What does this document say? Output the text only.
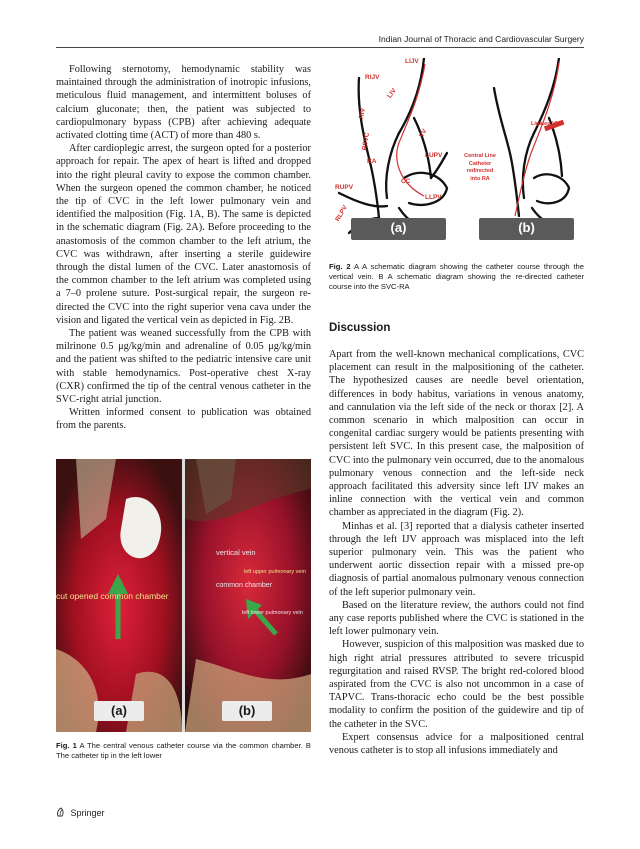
Indian Journal of Thoracic and Cardiovascular Surgery

Following sternotomy, hemodynamic stability was maintained through the administration of inotropic infusions, meticulous fluid management, and intermittent boluses of calcium gluconate; then, the patient was subjected to cardiopulmonary bypass (CPB) after achieving adequate activated clotting time (ACT) of more than 480 s.

After cardioplegic arrest, the surgeon opted for a posterior approach for repair. The apex of heart is lifted and dropped into the right pleural cavity to expose the common chamber. When the surgeon opened the common chamber, he noticed the tip of CVC in the left lower pulmonary vein and identified the malposition (Fig. 1A, B). The same is depicted in the schematic diagram (Fig. 2A). Before proceeding to the anastomosis of the common chamber to the left atrium, the CVC was withdrawn, after inserting a sterile guidewire through the distal lumen of the CVC. Later anastomosis of the common chamber to the left atrium was completed using a 7–0 prolene suture. Post-surgical repair, the surgeon re-directed the CVC into the right superior vena cava under the vision and ligated the vertical vein as depicted in Fig. 2B.

The patient was weaned successfully from the CPB with milrinone 0.5 μg/kg/min and adrenaline of 0.05 μg/kg/min and the patient was shifted to the pediatric intensive care unit with stable hemodynamics. Post-operative chest X-ray (CXR) confirmed the tip of the central venous catheter in the SVC-right atrial junction.

Written informed consent to publication was obtained from the parents.

cut opened common chamber
vertical vein
left upper pulmonary vein
common chamber
left lower pulmonary vein
(a)	(b)
Fig. 1 A The central venous catheter course via the common chamber. B The catheter tip in the left lower
LIJV
RIJV
LIV
RIV
RSVC	VV
RA
LUPV
CC
RUPV
LLPV
RLPV
Ligated VV
Central Line
Catheter
redirected
into RA
(a)	(b)
Fig. 2 A A schematic diagram showing the catheter course through the vertical vein. B A schematic diagram showing the re-directed catheter course into the SVC-RA
Discussion

Apart from the well-known mechanical complications, CVC placement can result in the malpositioning of the catheter. The hypothesized causes are needle bevel orientation, differences in body habitus, variations in venous anatomy, and cannulation via the left side of the neck or thorax [2]. A common scenario in which malposition can occur in congenital cardiac surgery would be patients presenting with persistent left SVC. In this present case, the malposition of CVC into the pulmonary vein occurred, due to the anomalous pulmonary venous connection and the left-side neck approach facilitated this adversity since left IJV makes an inline connection with the vertical vein and common chamber as appreciated in the diagram (Fig. 2).

Minhas et al. [3] reported that a dialysis catheter inserted through the left IJV approach was misplaced into the left superior pulmonary vein. This was the patient who underwent aortic dissection repair with a missed pre-op diagnosis of partial anomalous pulmonary venous connection of the left superior pulmonary vein.

Based on the literature review, the authors could not find any case reports published where the CVC is stationed in the left lower pulmonary vein.

However, suspicion of this malposition was masked due to high right atrial pressures attributed to severe tricuspid regurgitation and raised RVSP. The bright red-colored blood aspirated from the CVC is also not uncommon in a case of TAPVC. Trans-thoracic echo could be the best possible modality to confirm the position of the guidewire and tip of the catheter in the SVC.

Expert consensus advice for a malpositioned central venous catheter is to stop all infusions immediately and

Springer
